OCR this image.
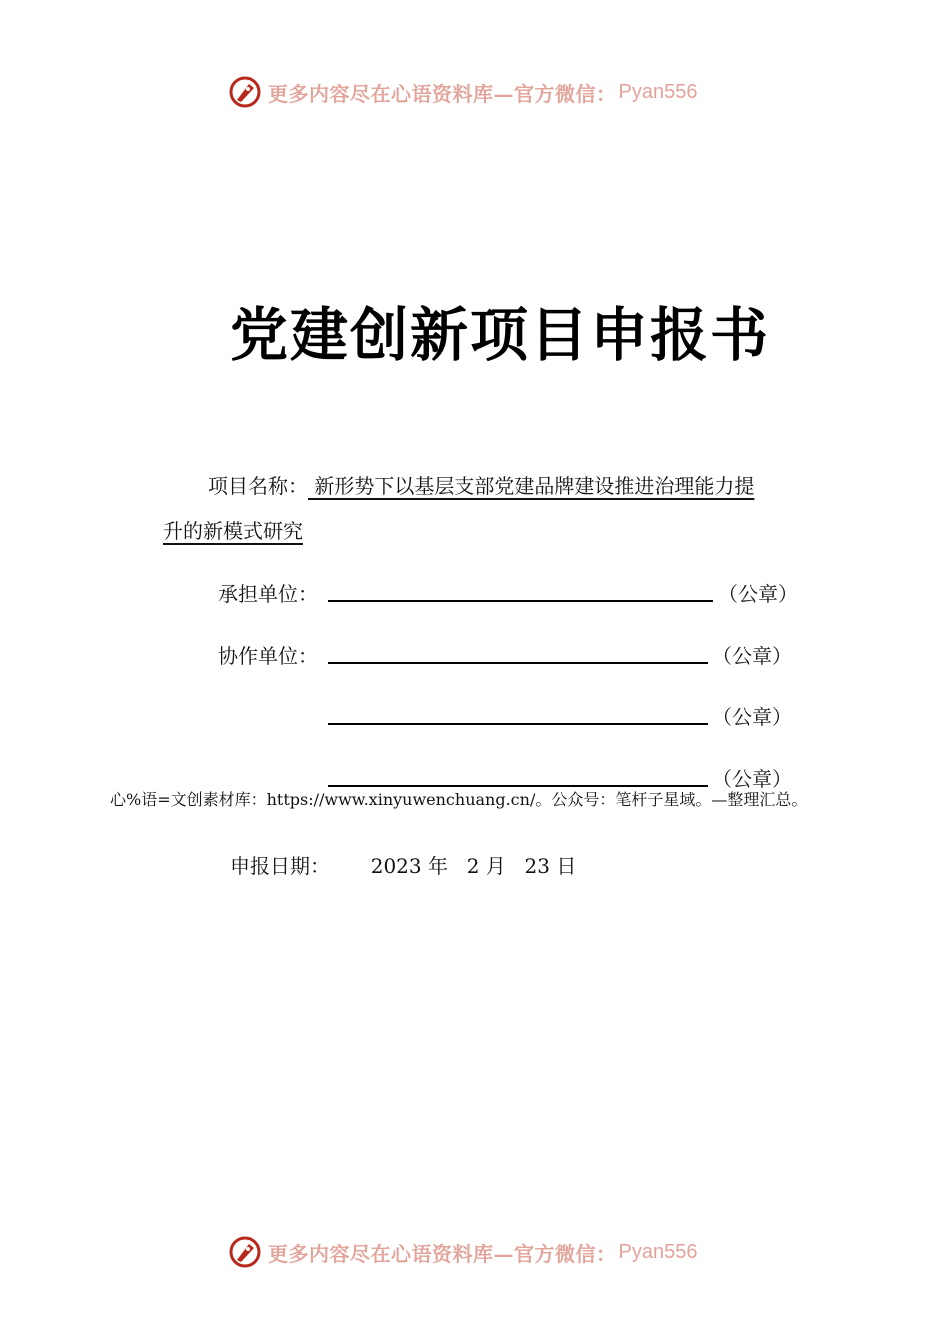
更多内容尽在心语资料库—官方微信： Pyan556
党建创新项目申报书
项目名称： 新形势下以基层支部党建品牌建设推进治理能力提
升的新模式研究
承担单位：	（公章）
协作单位：	（公章）
（公章）
（公章）
心%语=文创素材库：https://www.xinyuwenchuang.cn/。公众号：笔杆子星域。—整理汇总。
申报日期： 2023 年 2 月 23 日
更多内容尽在心语资料库—官方微信： Pyan556
